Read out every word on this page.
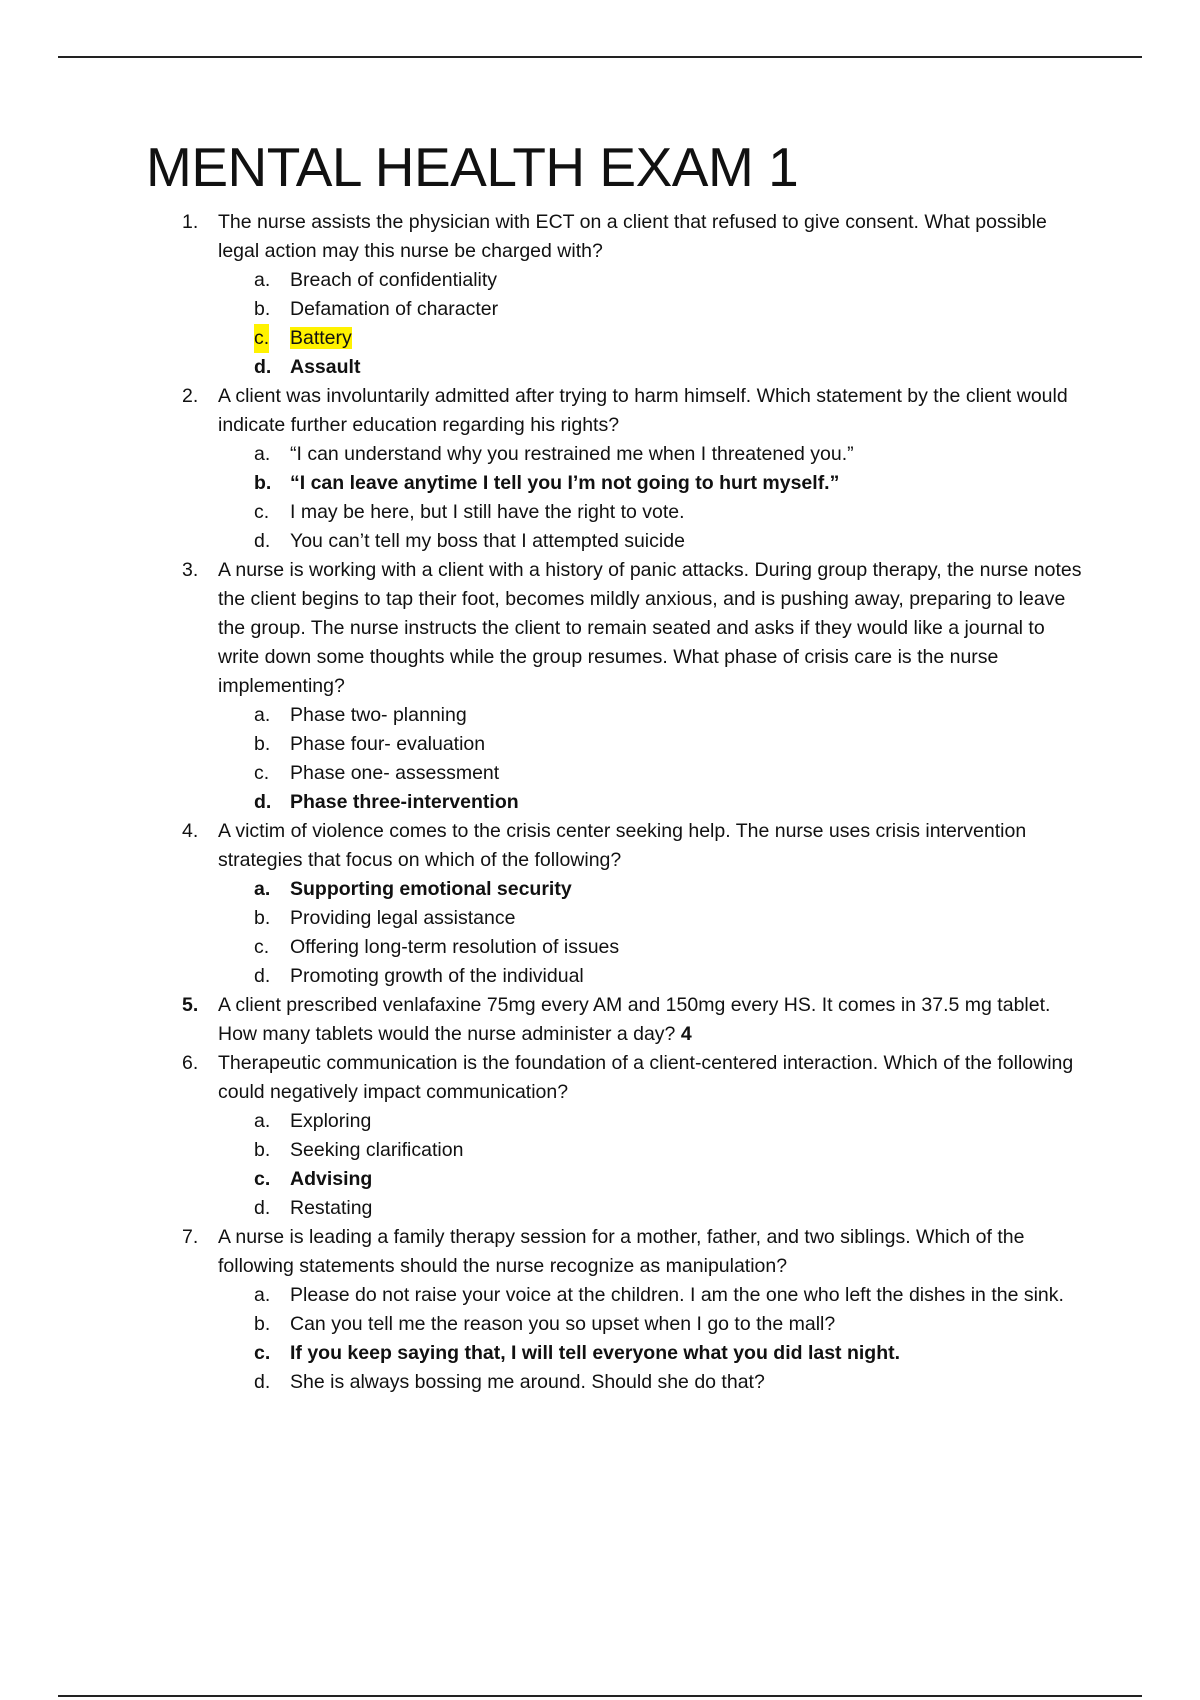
MENTAL HEALTH EXAM 1
1. The nurse assists the physician with ECT on a client that refused to give consent. What possible legal action may this nurse be charged with?
a. Breach of confidentiality
b. Defamation of character
c. Battery
d. Assault
2. A client was involuntarily admitted after trying to harm himself. Which statement by the client would indicate further education regarding his rights?
a. “I can understand why you restrained me when I threatened you.”
b. “I can leave anytime I tell you I’m not going to hurt myself.”
c. I may be here, but I still have the right to vote.
d. You can’t tell my boss that I attempted suicide
3. A nurse is working with a client with a history of panic attacks. During group therapy, the nurse notes the client begins to tap their foot, becomes mildly anxious, and is pushing away, preparing to leave the group. The nurse instructs the client to remain seated and asks if they would like a journal to write down some thoughts while the group resumes. What phase of crisis care is the nurse implementing?
a. Phase two- planning
b. Phase four- evaluation
c. Phase one- assessment
d. Phase three-intervention
4. A victim of violence comes to the crisis center seeking help. The nurse uses crisis intervention strategies that focus on which of the following?
a. Supporting emotional security
b. Providing legal assistance
c. Offering long-term resolution of issues
d. Promoting growth of the individual
5. A client prescribed venlafaxine 75mg every AM and 150mg every HS. It comes in 37.5 mg tablet. How many tablets would the nurse administer a day? 4
6. Therapeutic communication is the foundation of a client-centered interaction. Which of the following could negatively impact communication?
a. Exploring
b. Seeking clarification
c. Advising
d. Restating
7. A nurse is leading a family therapy session for a mother, father, and two siblings. Which of the following statements should the nurse recognize as manipulation?
a. Please do not raise your voice at the children. I am the one who left the dishes in the sink.
b. Can you tell me the reason you so upset when I go to the mall?
c. If you keep saying that, I will tell everyone what you did last night.
d. She is always bossing me around. Should she do that?
